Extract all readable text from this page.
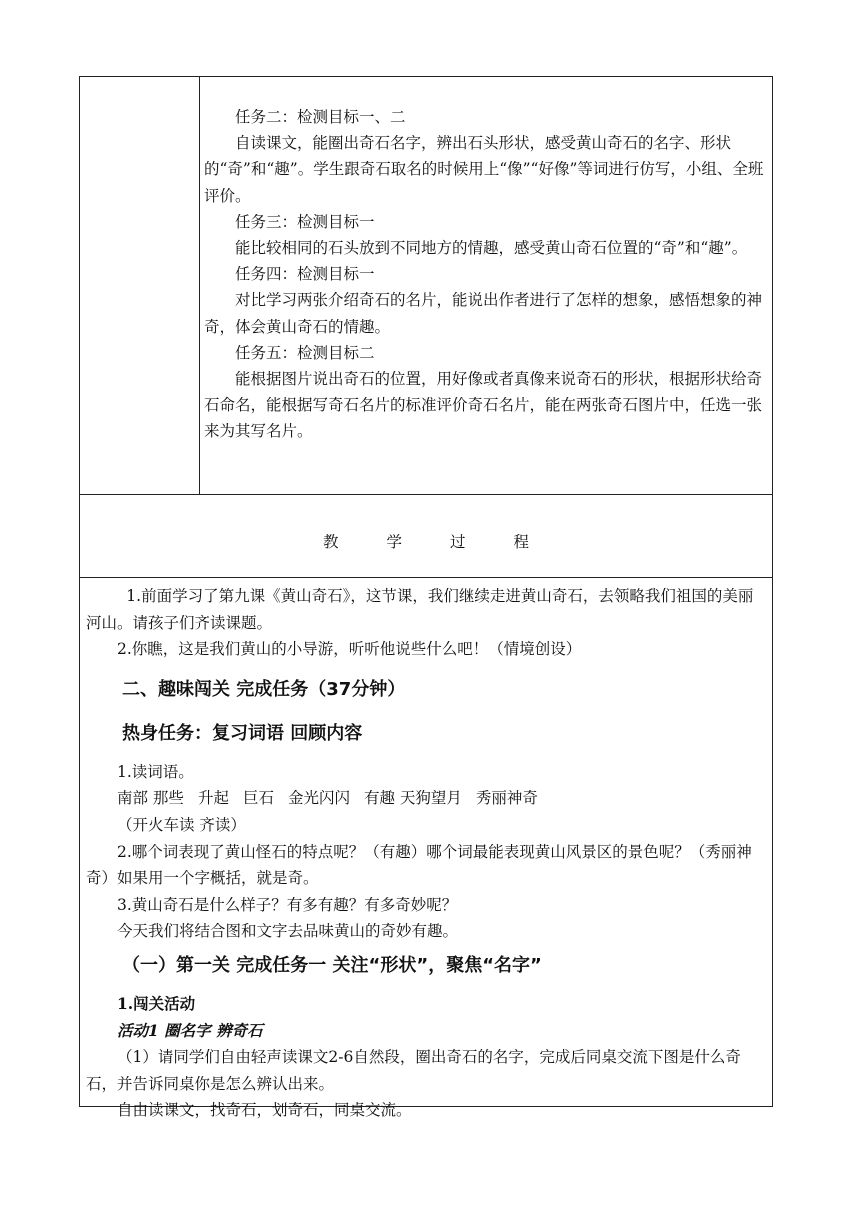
任务二：检测目标一、二

自读课文，能圈出奇石名字，辨出石头形状，感受黄山奇石的名字、形状的“奇”和“趣”。学生跟奇石取名的时候用上“像”“好像”等词进行仿写，小组、全班评价。

任务三：检测目标一

能比较相同的石头放到不同地方的情趣，感受黄山奇石位置的“奇”和“趣”。

任务四：检测目标一

对比学习两张介绍奇石的名片，能说出作者进行了怎样的想象，感悟想象的神奇，体会黄山奇石的情趣。

任务五：检测目标二

能根据图片说出奇石的位置，用好像或者真像来说奇石的形状，根据形状给奇石命名，能根据写奇石名片的标准评价奇石名片，能在两张奇石图片中，任选一张来为其写名片。

教	学	过	程

1.前面学习了第九课《黄山奇石》，这节课，我们继续走进黄山奇石，去领略我们祖国的美丽河山。请孩子们齐读课题。

2.你瞧，这是我们黄山的小导游，听听他说些什么吧！（情境创设）

二、趣味闯关 完成任务（37分钟）

热身任务：复习词语 回顾内容

1.读词语。

南部 那些 升起 巨石 金光闪闪 有趣 天狗望月 秀丽神奇

（开火车读 齐读）

2.哪个词表现了黄山怪石的特点呢？（有趣）哪个词最能表现黄山风景区的景色呢？（秀丽神奇）如果用一个字概括，就是奇。

3.黄山奇石是什么样子？有多有趣？有多奇妙呢？

今天我们将结合图和文字去品味黄山的奇妙有趣。

（一）第一关 完成任务一 关注“形状”，聚焦“名字”

1.闯关活动

活动1 圈名字 辨奇石

（1）请同学们自由轻声读课文2-6自然段，圈出奇石的名字，完成后同桌交流下图是什么奇石，并告诉同桌你是怎么辨认出来。

自由读课文，找奇石，划奇石，同桌交流。
